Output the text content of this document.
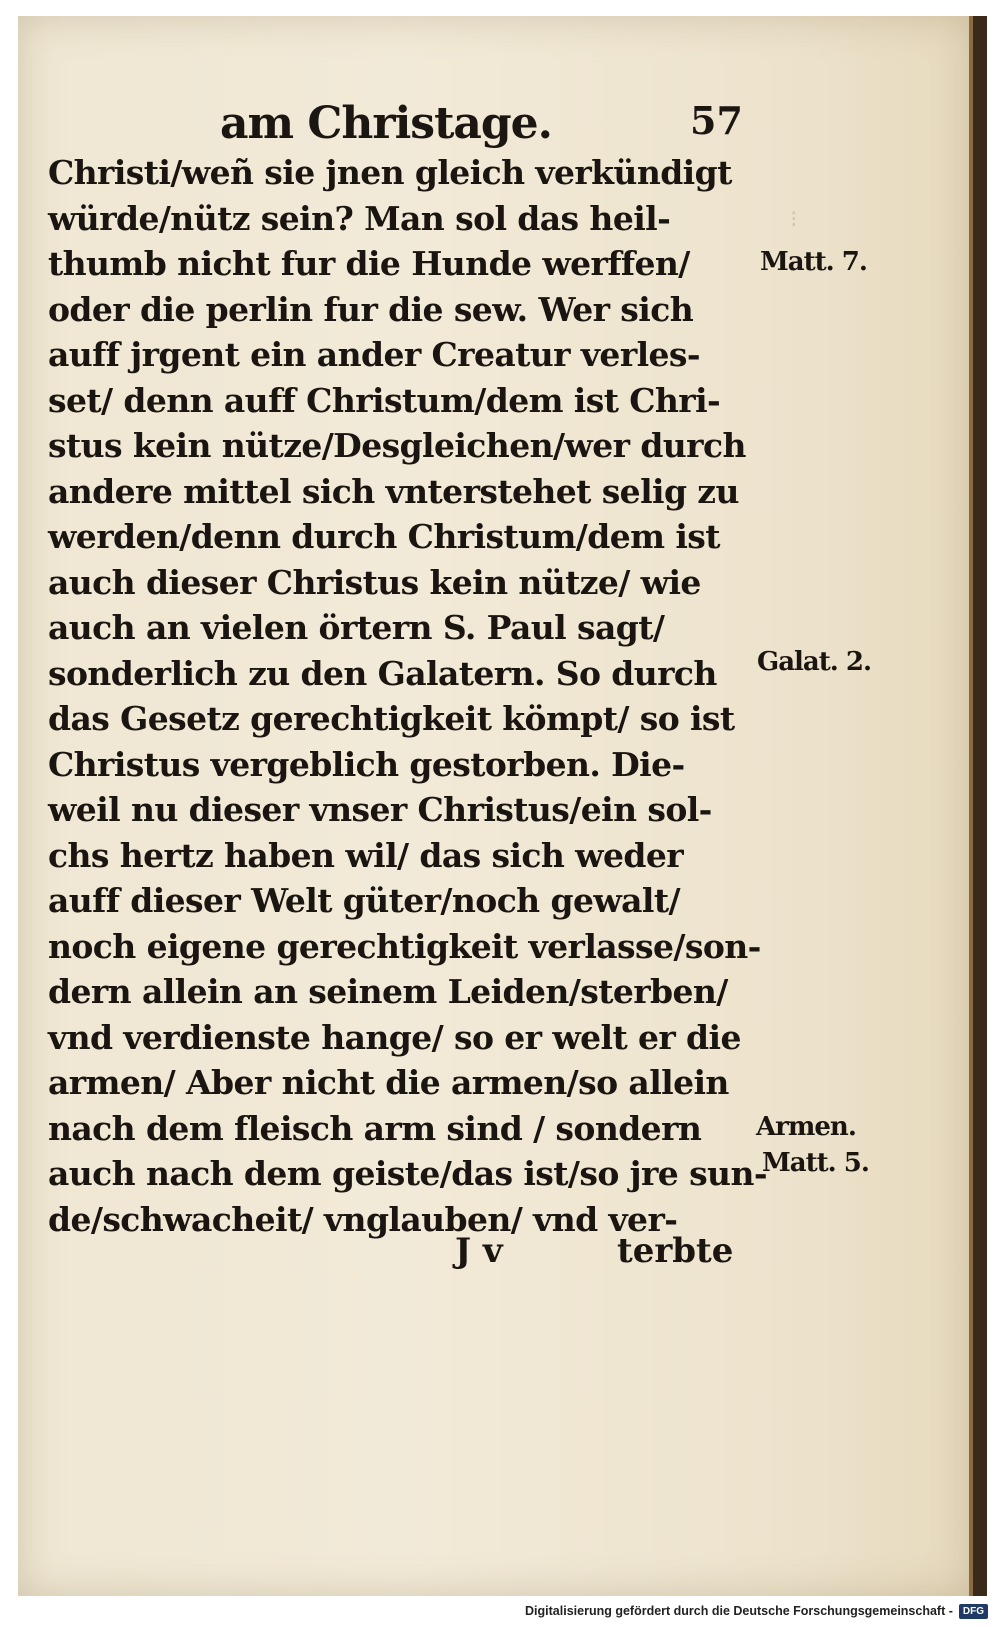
⁝
am Christage.	57
Christi/weñ sie jnen gleich verkündigt
würde/nütz sein? Man sol das heil-
thumb nicht fur die Hunde werffen/
oder die perlin fur die sew. Wer sich
auff jrgent ein ander Creatur verles-
set/ denn auff Christum/dem ist Chri-
stus kein nütze/Desgleichen/wer durch
andere mittel sich vnterstehet selig zu
werden/denn durch Christum/dem ist
auch dieser Christus kein nütze/ wie
auch an vielen örtern S. Paul sagt/
sonderlich zu den Galatern. So durch
das Gesetz gerechtigkeit kömpt/ so ist
Christus vergeblich gestorben. Die-
weil nu dieser vnser Christus/ein sol-
chs hertz haben wil/ das sich weder
auff dieser Welt güter/noch gewalt/
noch eigene gerechtigkeit verlasse/son-
dern allein an seinem Leiden/sterben/
vnd verdienste hange/ so er welt er die
armen/ Aber nicht die armen/so allein
nach dem fleisch arm sind / sondern
auch nach dem geiste/das ist/so jre sun-
de/schwacheit/ vnglauben/ vnd ver-
J v	terbte
Matt. 7.
Galat. 2.
Armen.
Matt. 5.
Digitalisierung gefördert durch die Deutsche Forschungsgemeinschaft -	DFG
